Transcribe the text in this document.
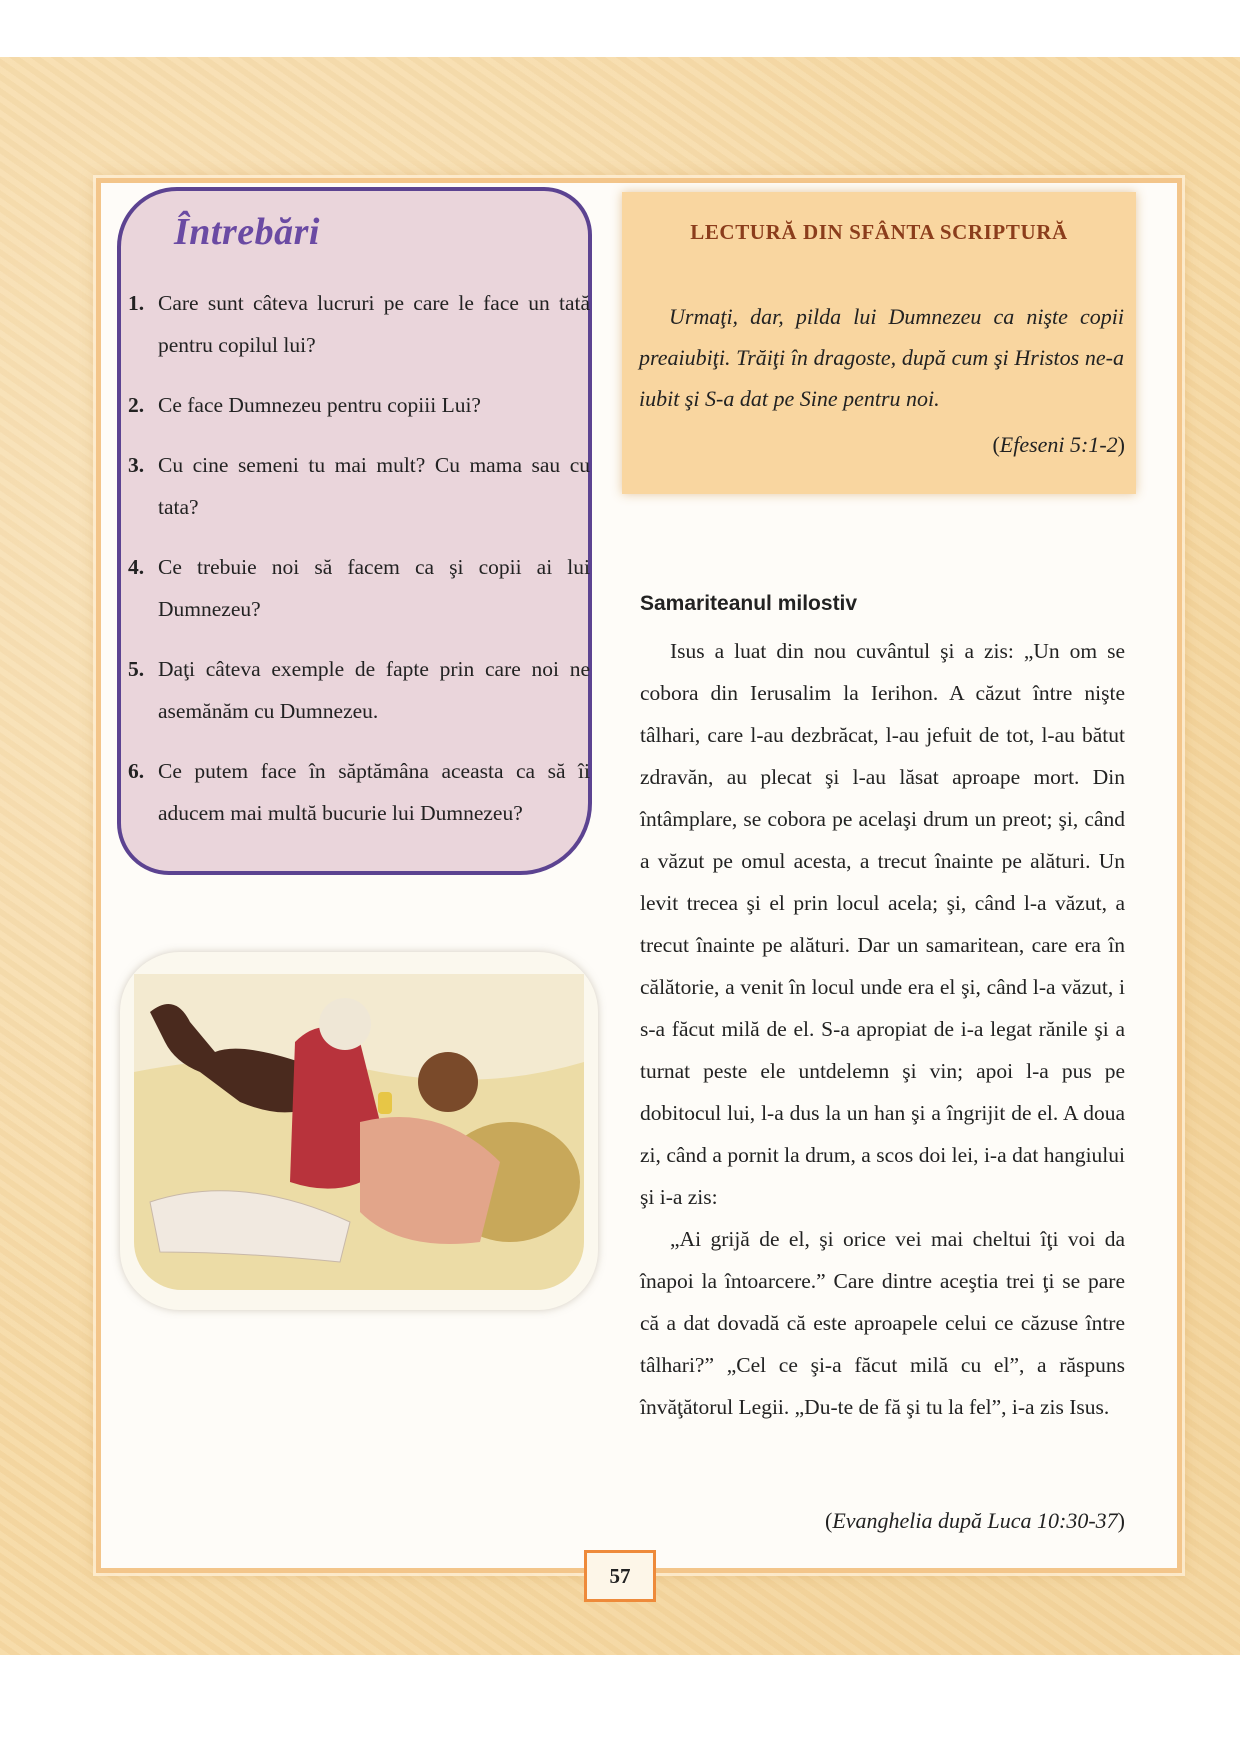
Întrebări
1. Care sunt câteva lucruri pe care le face un tată pentru copilul lui?
2. Ce face Dumnezeu pentru copiii Lui?
3. Cu cine semeni tu mai mult? Cu mama sau cu tata?
4. Ce trebuie noi să facem ca şi copii ai lui Dumnezeu?
5. Daţi câteva exemple de fapte prin care noi ne asemănăm cu Dumnezeu.
6. Ce putem face în săptămâna aceasta ca să îi aducem mai multă bucurie lui Dumnezeu?
LECTURĂ DIN SFÂNTA SCRIPTURĂ
Urmaţi, dar, pilda lui Dumnezeu ca nişte copii preaiubiţi. Trăiţi în dragoste, după cum şi Hristos ne-a iubit şi S-a dat pe Sine pentru noi.
(Efeseni 5:1-2)
Samariteanul milostiv

Isus a luat din nou cuvântul şi a zis: „Un om se cobora din Ierusalim la Ierihon. A căzut între nişte tâlhari, care l-au dezbrăcat, l-au jefuit de tot, l-au bătut zdravăn, au plecat şi l-au lăsat aproape mort. Din întâmplare, se cobora pe acelaşi drum un preot; şi, când a văzut pe omul acesta, a trecut înainte pe alături. Un levit trecea şi el prin locul acela; şi, când l-a văzut, a trecut înainte pe alături. Dar un samaritean, care era în călătorie, a venit în locul unde era el şi, când l-a văzut, i s-a făcut milă de el. S-a apropiat de i-a legat rănile şi a turnat peste ele untdelemn şi vin; apoi l-a pus pe dobitocul lui, l-a dus la un han şi a îngrijit de el. A doua zi, când a pornit la drum, a scos doi lei, i-a dat hangiului şi i-a zis:

„Ai grijă de el, şi orice vei mai cheltui îţi voi da înapoi la întoarcere.” Care dintre aceştia trei ţi se pare că a dat dovadă că este aproapele celui ce căzuse între tâlhari?” „Cel ce şi-a făcut milă cu el”, a răspuns învăţătorul Legii. „Du-te de fă şi tu la fel”, i-a zis Isus.

(Evanghelia după Luca 10:30-37)
57
